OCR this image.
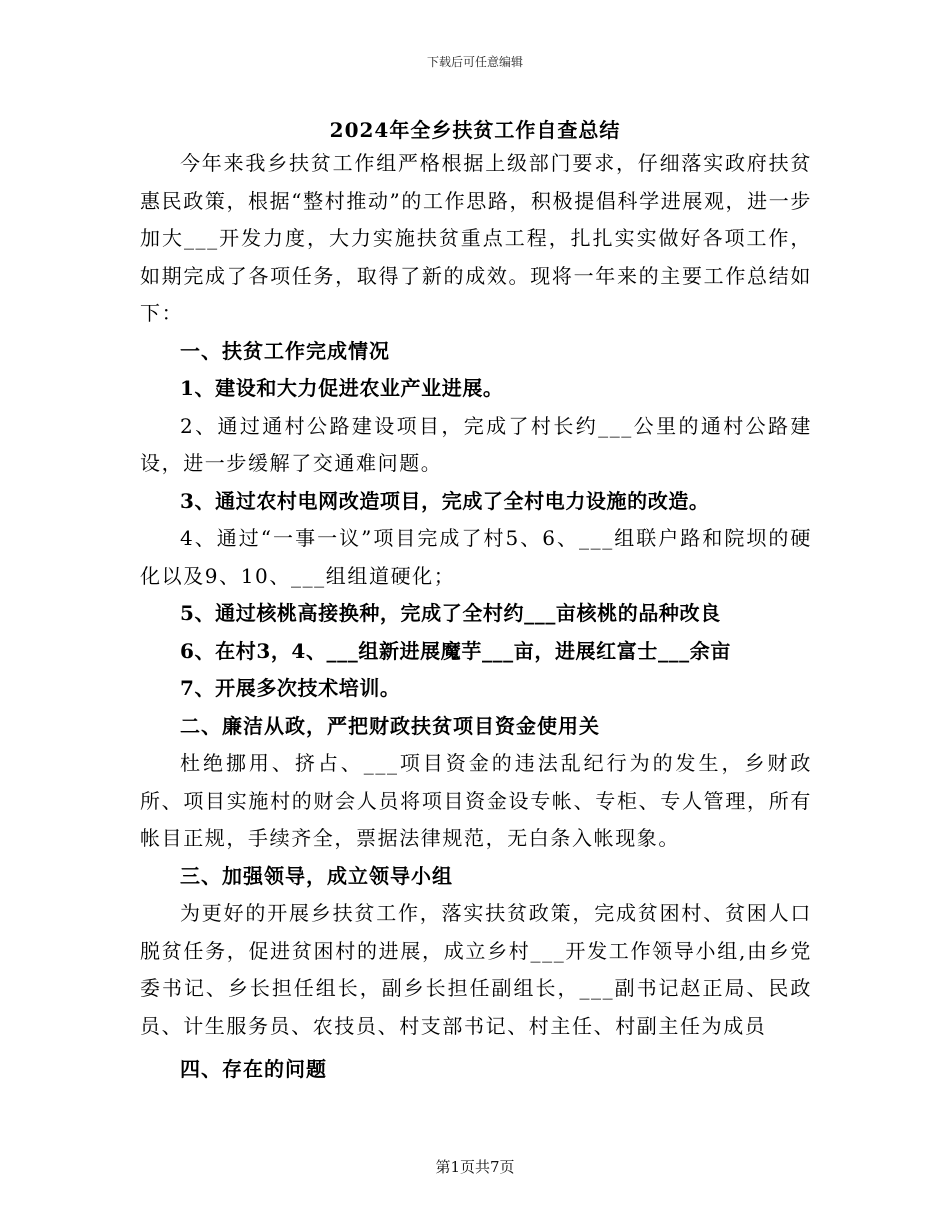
下载后可任意编辑
2024年全乡扶贫工作自查总结

今年来我乡扶贫工作组严格根据上级部门要求，仔细落实政府扶贫惠民政策，根据“整村推动”的工作思路，积极提倡科学进展观，进一步加大___开发力度，大力实施扶贫重点工程，扎扎实实做好各项工作，如期完成了各项任务，取得了新的成效。现将一年来的主要工作总结如下：

一、扶贫工作完成情况

1、建设和大力促进农业产业进展。

2、通过通村公路建设项目，完成了村长约___公里的通村公路建设，进一步缓解了交通难问题。

3、通过农村电网改造项目，完成了全村电力设施的改造。

4、通过“一事一议”项目完成了村5、6、___组联户路和院坝的硬化以及9、10、___组组道硬化；

5、通过核桃高接换种，完成了全村约___亩核桃的品种改良

6、在村3，4、___组新进展魔芋___亩，进展红富士___余亩

7、开展多次技术培训。

二、廉洁从政，严把财政扶贫项目资金使用关

杜绝挪用、挤占、___项目资金的违法乱纪行为的发生，乡财政所、项目实施村的财会人员将项目资金设专帐、专柜、专人管理，所有帐目正规，手续齐全，票据法律规范，无白条入帐现象。

三、加强领导，成立领导小组

为更好的开展乡扶贫工作，落实扶贫政策，完成贫困村、贫困人口脱贫任务，促进贫困村的进展，成立乡村___开发工作领导小组,由乡党委书记、乡长担任组长，副乡长担任副组长，___副书记赵正局、民政员、计生服务员、农技员、村支部书记、村主任、村副主任为成员

四、存在的问题

第1页共7页
